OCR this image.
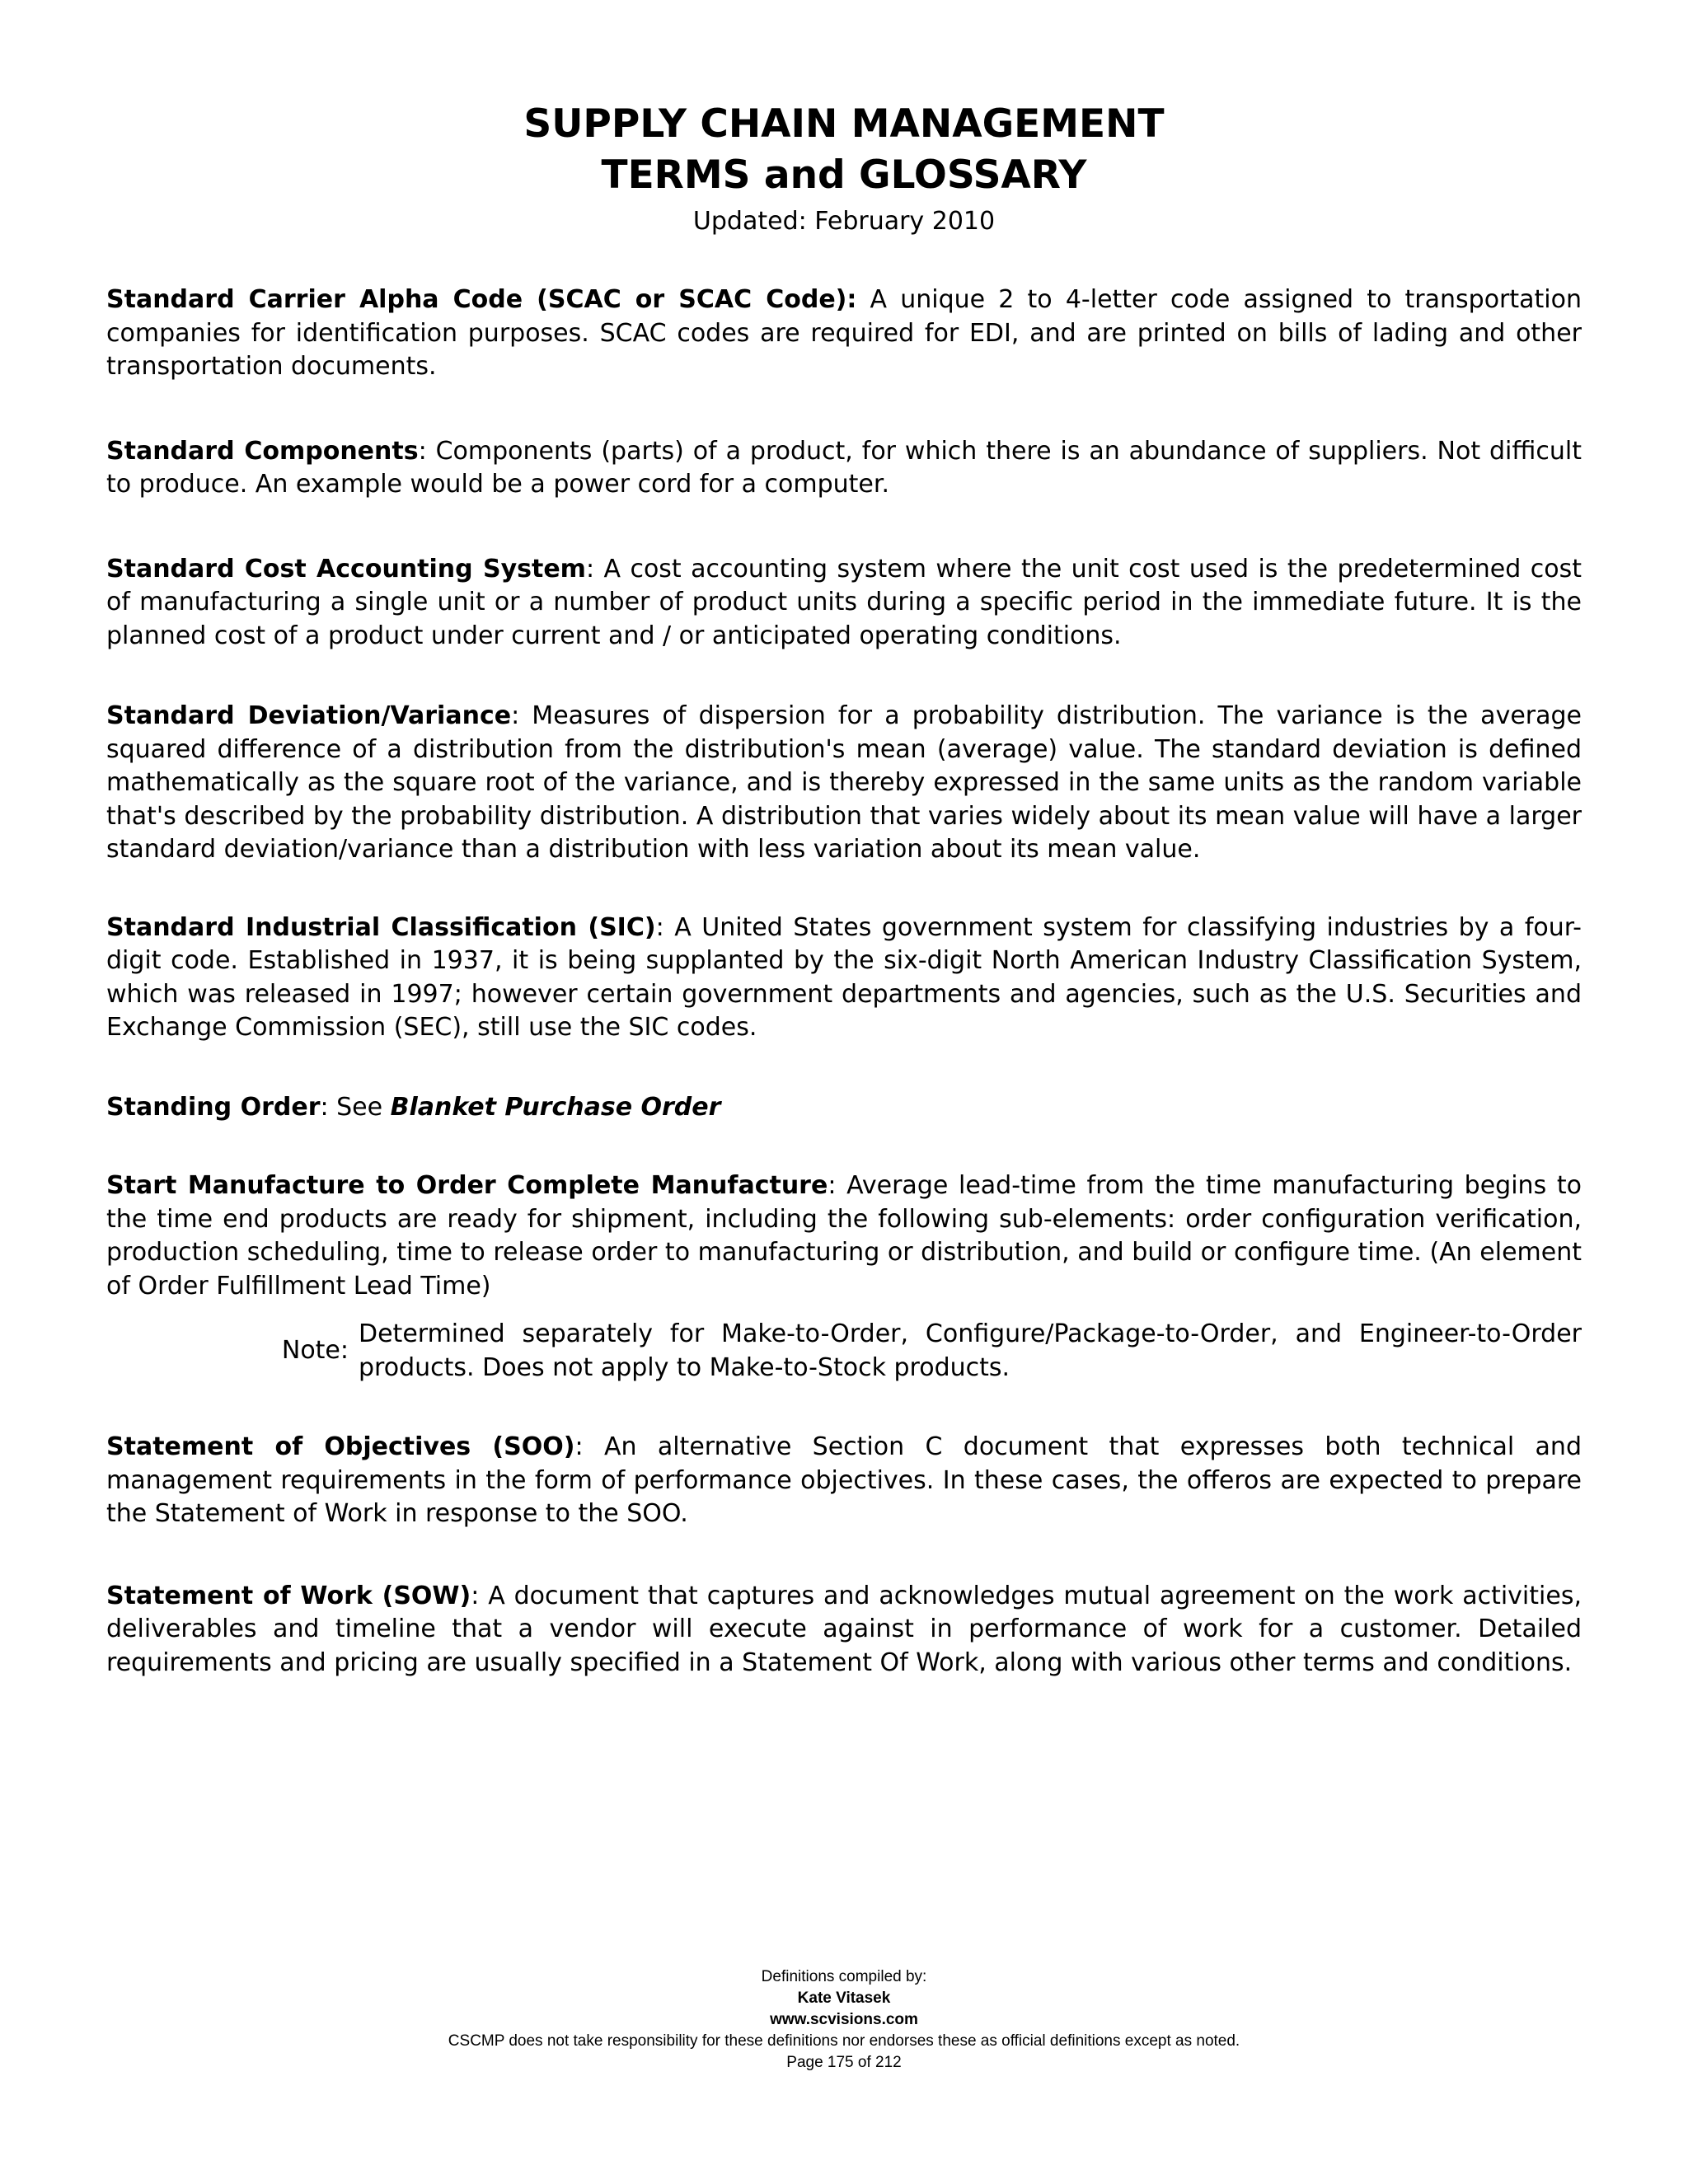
SUPPLY CHAIN MANAGEMENT
TERMS and GLOSSARY
Updated: February 2010

Standard Carrier Alpha Code (SCAC or SCAC Code): A unique 2 to 4-letter code assigned to transportation companies for identification purposes. SCAC codes are required for EDI, and are printed on bills of lading and other transportation documents.

Standard Components: Components (parts) of a product, for which there is an abundance of suppliers. Not difficult to produce. An example would be a power cord for a computer.

Standard Cost Accounting System: A cost accounting system where the unit cost used is the predetermined cost of manufacturing a single unit or a number of product units during a specific period in the immediate future. It is the planned cost of a product under current and / or anticipated operating conditions.

Standard Deviation/Variance: Measures of dispersion for a probability distribution. The variance is the average squared difference of a distribution from the distribution's mean (average) value. The standard deviation is defined mathematically as the square root of the variance, and is thereby expressed in the same units as the random variable that's described by the probability distribution. A distribution that varies widely about its mean value will have a larger standard deviation/variance than a distribution with less variation about its mean value.

Standard Industrial Classification (SIC): A United States government system for classifying industries by a four-digit code. Established in 1937, it is being supplanted by the six-digit North American Industry Classification System, which was released in 1997; however certain government departments and agencies, such as the U.S. Securities and Exchange Commission (SEC), still use the SIC codes.

Standing Order: See Blanket Purchase Order

Start Manufacture to Order Complete Manufacture: Average lead-time from the time manufacturing begins to the time end products are ready for shipment, including the following sub-elements: order configuration verification, production scheduling, time to release order to manufacturing or distribution, and build or configure time. (An element of Order Fulfillment Lead Time)

Note:
Determined separately for Make-to-Order, Configure/Package-to-Order, and Engineer-to-Order products. Does not apply to Make-to-Stock products.

Statement of Objectives (SOO): An alternative Section C document that expresses both technical and management requirements in the form of performance objectives. In these cases, the offeros are expected to prepare the Statement of Work in response to the SOO.

Statement of Work (SOW): A document that captures and acknowledges mutual agreement on the work activities, deliverables and timeline that a vendor will execute against in performance of work for a customer. Detailed requirements and pricing are usually specified in a Statement Of Work, along with various other terms and conditions.

Definitions compiled by:
Kate Vitasek
www.scvisions.com
CSCMP does not take responsibility for these definitions nor endorses these as official definitions except as noted.
Page 175 of 212
